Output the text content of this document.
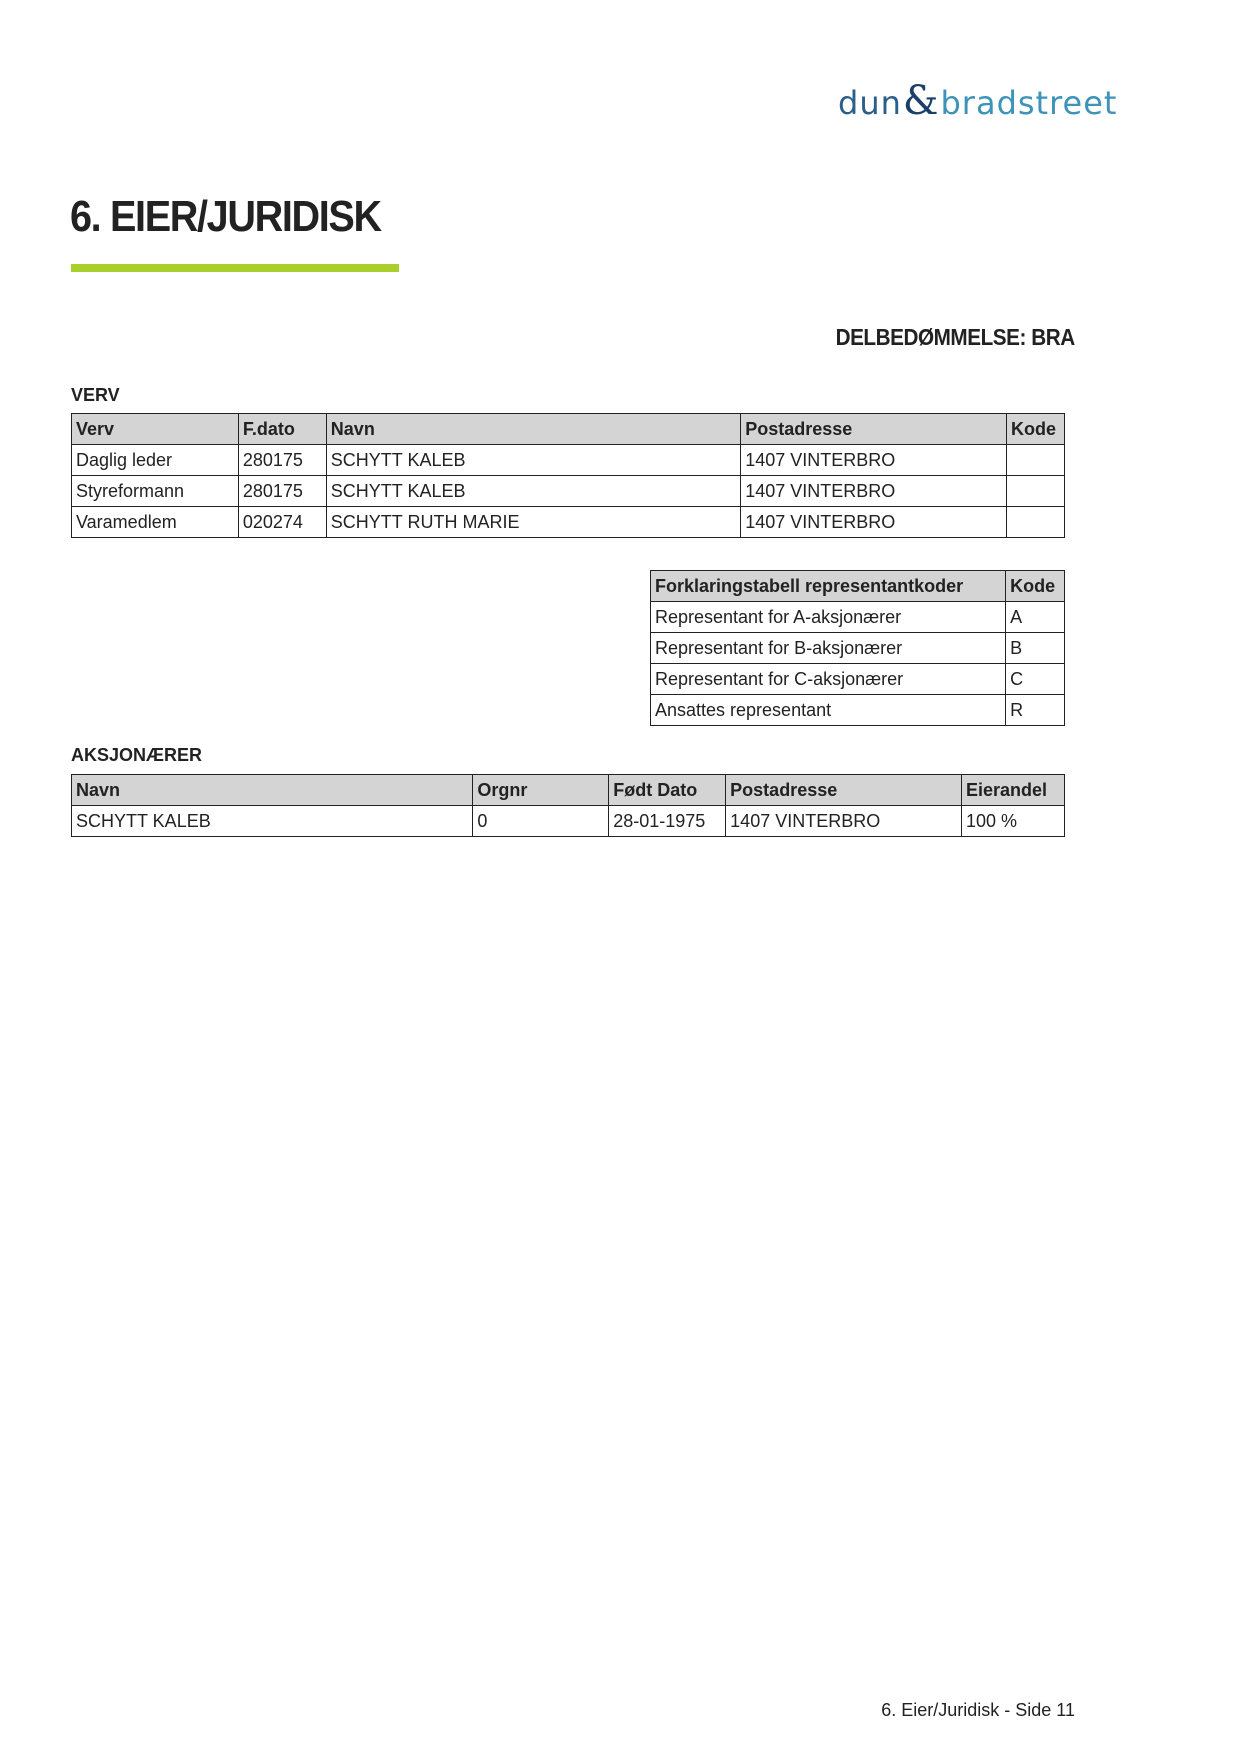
dun&bradstreet
6. EIER/JURIDISK
DELBEDØMMELSE: BRA
VERV
Verv	F.dato	Navn	Postadresse	Kode
Daglig leder	280175	SCHYTT KALEB	1407 VINTERBRO	
Styreformann	280175	SCHYTT KALEB	1407 VINTERBRO	
Varamedlem	020274	SCHYTT RUTH MARIE	1407 VINTERBRO	
Forklaringstabell representantkoder	Kode
Representant for A-aksjonærer	A
Representant for B-aksjonærer	B
Representant for C-aksjonærer	C
Ansattes representant	R
AKSJONÆRER
Navn	Orgnr	Født Dato	Postadresse	Eierandel
SCHYTT KALEB	0	28-01-1975	1407 VINTERBRO	100 %
6. Eier/Juridisk - Side 11
